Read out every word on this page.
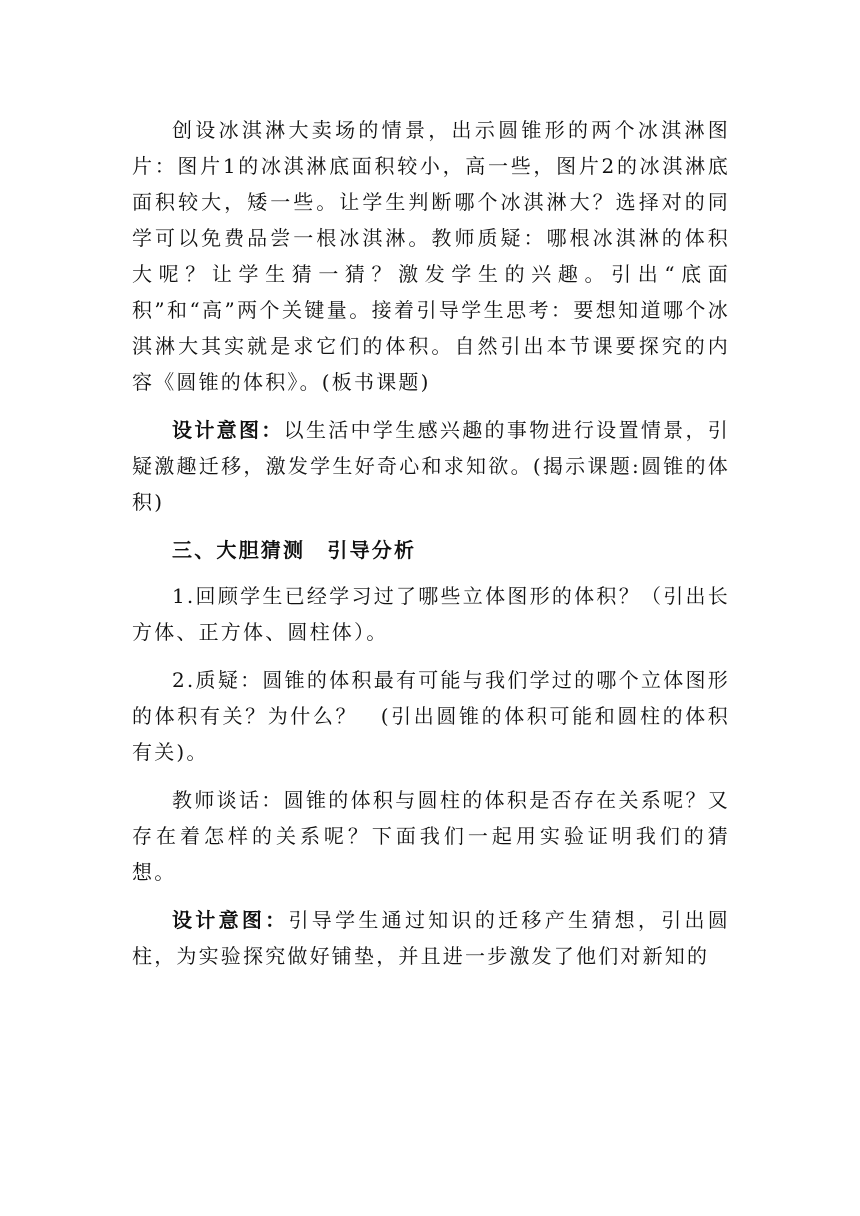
创设冰淇淋大卖场的情景，出示圆锥形的两个冰淇淋图片：图片1的冰淇淋底面积较小，高一些，图片2的冰淇淋底面积较大，矮一些。让学生判断哪个冰淇淋大？选择对的同学可以免费品尝一根冰淇淋。教师质疑：哪根冰淇淋的体积大呢？让学生猜一猜？激发学生的兴趣。引出“底面积”和“高”两个关键量。接着引导学生思考：要想知道哪个冰淇淋大其实就是求它们的体积。自然引出本节课要探究的内容《圆锥的体积》。(板书课题)

设计意图：以生活中学生感兴趣的事物进行设置情景，引疑激趣迁移，激发学生好奇心和求知欲。(揭示课题:圆锥的体积)

三、大胆猜测　引导分析

1.回顾学生已经学习过了哪些立体图形的体积？（引出长方体、正方体、圆柱体）。

2.质疑：圆锥的体积最有可能与我们学过的哪个立体图形的体积有关？为什么？　(引出圆锥的体积可能和圆柱的体积有关)。

教师谈话：圆锥的体积与圆柱的体积是否存在关系呢？又存在着怎样的关系呢？下面我们一起用实验证明我们的猜想。

设计意图：引导学生通过知识的迁移产生猜想，引出圆柱，为实验探究做好铺垫，并且进一步激发了他们对新知的
